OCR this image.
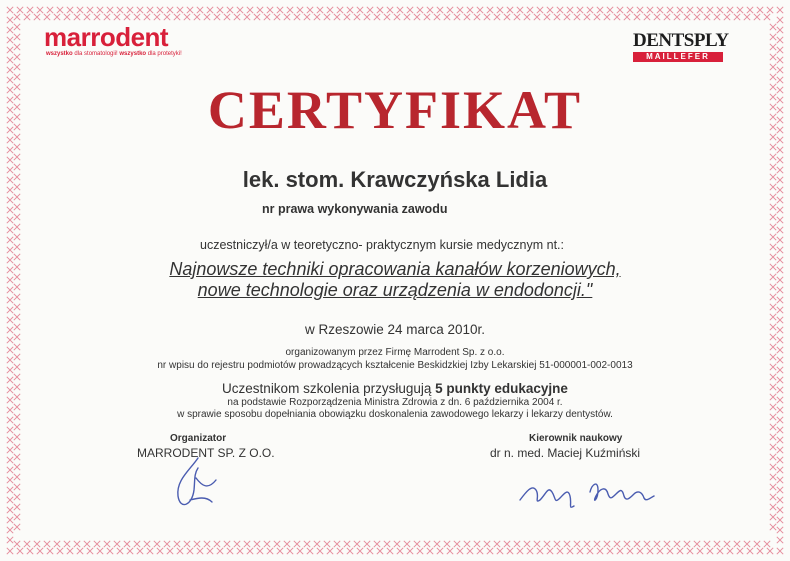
marrodent
wszystko dla stomatologii! wszystko dla protetyki!
DENTSPLY
MAILLEFER
CERTYFIKAT
lek. stom. Krawczyńska Lidia
nr prawa wykonywania zawodu
uczestniczył/a w teoretyczno- praktycznym kursie medycznym nt.:
Najnowsze techniki opracowania kanałów korzeniowych,
nowe technologie oraz urządzenia w endodoncji."
w Rzeszowie 24 marca 2010r.
organizowanym przez Firmę Marrodent Sp. z o.o.
nr wpisu do rejestru podmiotów prowadzących kształcenie Beskidzkiej Izby Lekarskiej 51-000001-002-0013
Uczestnikom szkolenia przysługują 5 punkty edukacyjne
na podstawie Rozporządzenia Ministra Zdrowia z dn. 6 października 2004 r.
w sprawie sposobu dopełniania obowiązku doskonalenia zawodowego lekarzy i lekarzy dentystów.
Organizator
MARRODENT SP. Z O.O.
Kierownik naukowy
dr n. med. Maciej Kuźmiński
